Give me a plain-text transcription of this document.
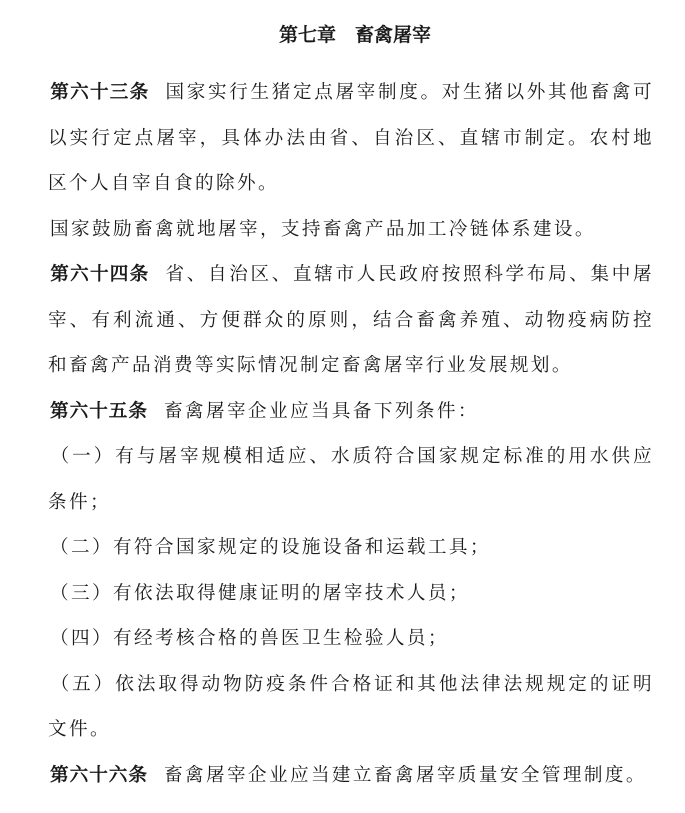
第七章　畜禽屠宰

第六十三条 国家实行生猪定点屠宰制度。对生猪以外其他畜禽可以实行定点屠宰，具体办法由省、自治区、直辖市制定。农村地区个人自宰自食的除外。

国家鼓励畜禽就地屠宰，支持畜禽产品加工冷链体系建设。

第六十四条 省、自治区、直辖市人民政府按照科学布局、集中屠宰、有利流通、方便群众的原则，结合畜禽养殖、动物疫病防控和畜禽产品消费等实际情况制定畜禽屠宰行业发展规划。

第六十五条 畜禽屠宰企业应当具备下列条件：

（一）有与屠宰规模相适应、水质符合国家规定标准的用水供应条件；

（二）有符合国家规定的设施设备和运载工具；

（三）有依法取得健康证明的屠宰技术人员；

（四）有经考核合格的兽医卫生检验人员；

（五）依法取得动物防疫条件合格证和其他法律法规规定的证明文件。

第六十六条 畜禽屠宰企业应当建立畜禽屠宰质量安全管理制度。
